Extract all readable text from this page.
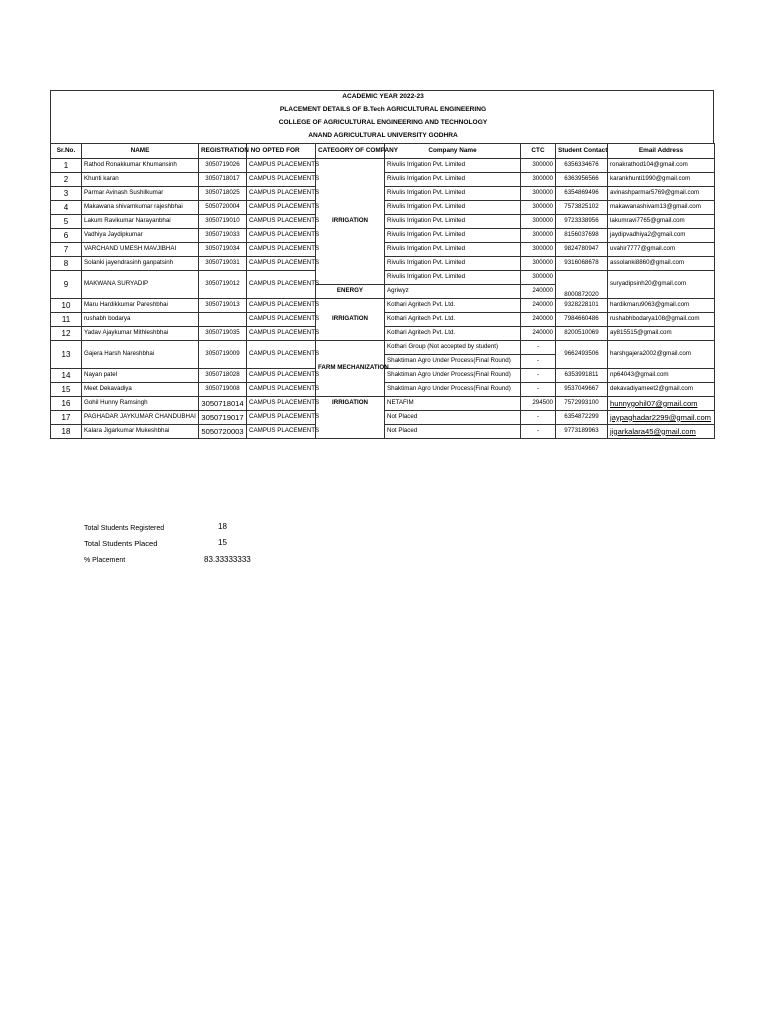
ACADEMIC YEAR 2022-23
PLACEMENT DETAILS OF B.Tech AGRICULTURAL ENGINEERING
COLLEGE OF AGRICULTURAL ENGINEERING AND TECHNOLOGY
ANAND AGRICULTURAL UNIVERSITY GODHRA
Sr.No.	NAME	REGISTRATION NO	OPTED FOR	CATEGORY OF COMPANY	Company Name	CTC	Student Contact	Email Address
1	Rathod Ronakkumar Khumansinh	3050719026	CAMPUS PLACEMENTS	IRRIGATION	Rivulis Irrigation Pvt. Limited	300000	6356334676	ronakrathod104@gmail.com
2	Khunti karan	3050718017	CAMPUS PLACEMENTS		Rivulis Irrigation Pvt. Limited	300000	6363956566	karankhunti1990@gmail.com
3	Parmar Avinash Sushilkumar	3050718025	CAMPUS PLACEMENTS		Rivulis Irrigation Pvt. Limited	300000	6354869496	avinashparmar5769@gmail.com
4	Makawana shivamkumar rajeshbhai	5050720004	CAMPUS PLACEMENTS		Rivulis Irrigation Pvt. Limited	300000	7573825102	makawanashivam13@gmail.com
5	Lakum Ravikumar Narayanbhai	3050719010	CAMPUS PLACEMENTS		Rivulis Irrigation Pvt. Limited	300000	9723338956	lakumravi7765@gmail.com
6	Vadhiya Jaydipkumar	3050719033	CAMPUS PLACEMENTS		Rivulis Irrigation Pvt. Limited	300000	8156037698	jaydipvadhiya2@gmail.com
7	VARCHAND UMESH MAVJIBHAI	3050719034	CAMPUS PLACEMENTS		Rivulis Irrigation Pvt. Limited	300000	9824780947	uvahir7777@gmail.com
8	Solanki jayendrasinh ganpatsinh	3050719031	CAMPUS PLACEMENTS		Rivulis Irrigation Pvt. Limited	300000	9316068678	assolanki8860@gmail.com
9	MAKWANA SURYADIP	3050719012	CAMPUS PLACEMENTS		Rivulis Irrigation Pvt. Limited	300000	8000872020	suryadipsinh20@gmail.com
				ENERGY	Agriwyz	240000		
10	Maru Hardikkumar Pareshbhai	3050719013	CAMPUS PLACEMENTS	IRRIGATION	Kothari Agritech Pvt. Ltd.	240000	9328228101	hardikmaru9063@gmail.com
11	rushabh bodarya		CAMPUS PLACEMENTS		Kothari Agritech Pvt. Ltd.	240000	7984660486	rushabhbodarya108@gmail.com
12	Yadav Ajaykumar Mithleshbhai	3050719035	CAMPUS PLACEMENTS		Kothari Agritech Pvt. Ltd.	240000	8200510069	ay815515@gmail.com
13	Gajera Harsh Nareshbhai	3050719009	CAMPUS PLACEMENTS	FARM MECHANIZATION	Kothari Group (Not accepted by student)	-	9662493506	harshgajera2002@gmail.com
					Shaktiman Agro Under Process(Final Round)	-		
14	Nayan patel	3050718028	CAMPUS PLACEMENTS		Shaktiman Agro Under Process(Final Round)	-	6353991811	np64043@gmail.com
15	Meet Dekavadiya	3050719008	CAMPUS PLACEMENTS		Shaktiman Agro Under Process(Final Round)	-	9537049667	dekavadiyameet2@gmail.com
16	Gohil Hunny Ramsingh	3050718014	CAMPUS PLACEMENTS	IRRIGATION	NETAFIM	294500	7572993100	hunnygohil07@gmail.com
17	PAGHADAR JAYKUMAR CHANDUBHAI	3050719017	CAMPUS PLACEMENTS		Not Placed	-	6354872299	jaypaghadar2299@gmail.com
18	Kalara Jigarkumar Mukeshbhai	5050720003	CAMPUS PLACEMENTS		Not Placed	-	9773189963	jigarkalara45@gmail.com
Total Students Registered	18
Total Students Placed	15
% Placement	83.33333333
